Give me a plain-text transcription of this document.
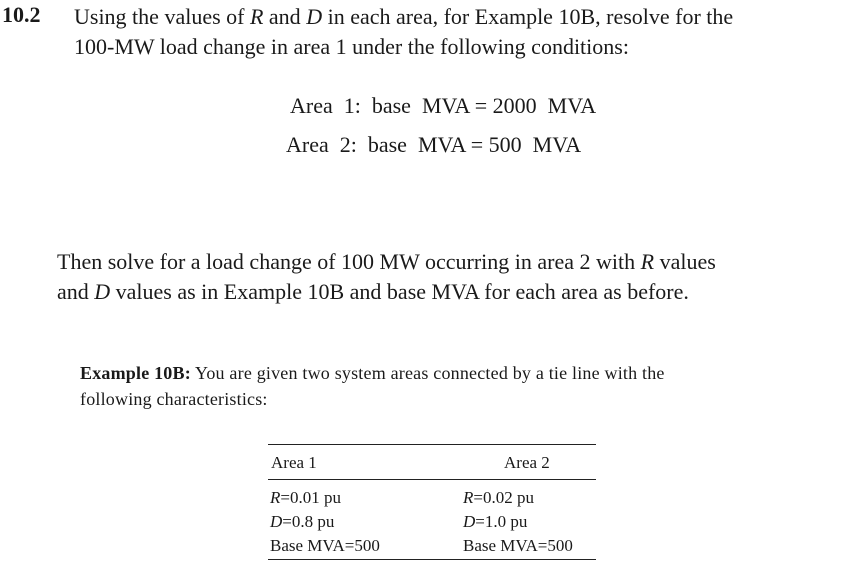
10.2 Using the values of R and D in each area, for Example 10B, resolve for the
100-MW load change in area 1 under the following conditions:
Area  1:  base  MVA = 2000  MVA
Area  2:  base  MVA = 500  MVA
Then solve for a load change of 100 MW occurring in area 2 with R values
and D values as in Example 10B and base MVA for each area as before.
Example 10B: You are given two system areas connected by a tie line with the
following characteristics:
Area 1	Area 2
R=0.01 pu
D=0.8 pu
Base MVA=500
R=0.02 pu
D=1.0 pu
Base MVA=500
